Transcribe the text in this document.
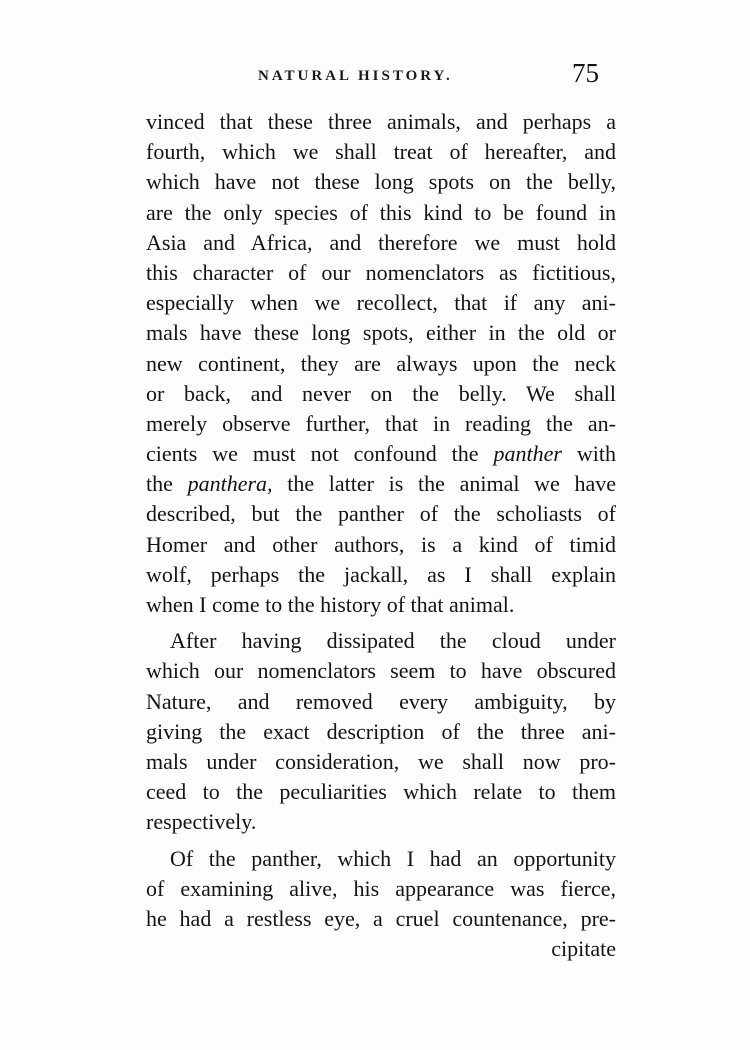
NATURAL HISTORY.	75
vinced that these three animals, and perhaps a
fourth, which we shall treat of hereafter, and
which have not these long spots on the belly,
are the only species of this kind to be found in
Asia and Africa, and therefore we must hold
this character of our nomenclators as fictitious,
especially when we recollect, that if any ani-
mals have these long spots, either in the old or
new continent, they are always upon the neck
or back, and never on the belly. We shall
merely observe further, that in reading the an-
cients we must not confound the panther with
the panthera, the latter is the animal we have
described, but the panther of the scholiasts of
Homer and other authors, is a kind of timid
wolf, perhaps the jackall, as I shall explain
when I come to the history of that animal.
After having dissipated the cloud under
which our nomenclators seem to have obscured
Nature, and removed every ambiguity, by
giving the exact description of the three ani-
mals under consideration, we shall now pro-
ceed to the peculiarities which relate to them
respectively.
Of the panther, which I had an opportunity
of examining alive, his appearance was fierce,
he had a restless eye, a cruel countenance, pre-
cipitate
